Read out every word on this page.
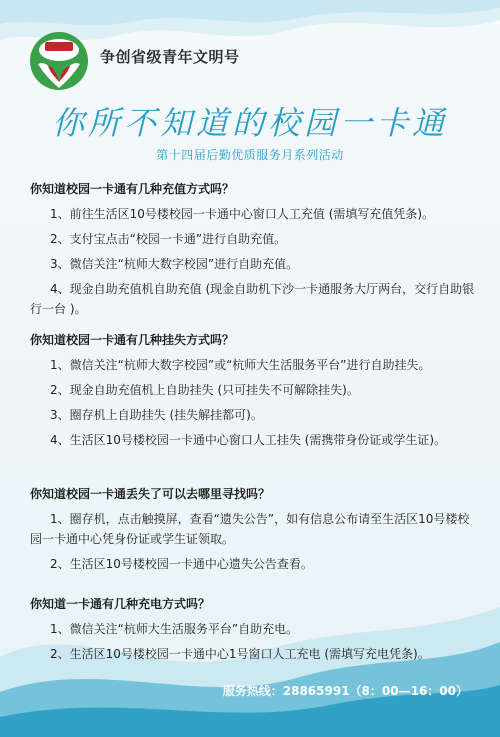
争创省级青年文明号
你所不知道的校园一卡通
第十四届后勤优质服务月系列活动
你知道校园一卡通有几种充值方式吗？
1、前往生活区10号楼校园一卡通中心窗口人工充值 (需填写充值凭条)。
2、支付宝点击“校园一卡通”进行自助充值。
3、微信关注“杭师大数字校园”进行自助充值。
4、现金自助充值机自助充值 (现金自助机下沙一卡通服务大厅两台，交行自助银行一台 )。
你知道校园一卡通有几种挂失方式吗？
1、微信关注“杭师大数字校园”或“杭师大生活服务平台”进行自助挂失。
2、现金自助充值机上自助挂失 (只可挂失不可解除挂失)。
3、圈存机上自助挂失 (挂失解挂都可)。
4、生活区10号楼校园一卡通中心窗口人工挂失 (需携带身份证或学生证)。
你知道校园一卡通丢失了可以去哪里寻找吗？
1、圈存机，点击触摸屏，查看“遗失公告”，如有信息公布请至生活区10号楼校园一卡通中心凭身份证或学生证领取。
2、生活区10号楼校园一卡通中心遗失公告查看。
你知道一卡通有几种充电方式吗？
1、微信关注“杭师大生活服务平台”自助充电。
2、生活区10号楼校园一卡通中心1号窗口人工充电 (需填写充电凭条)。
服务热线：28865991（8：00—16：00）
